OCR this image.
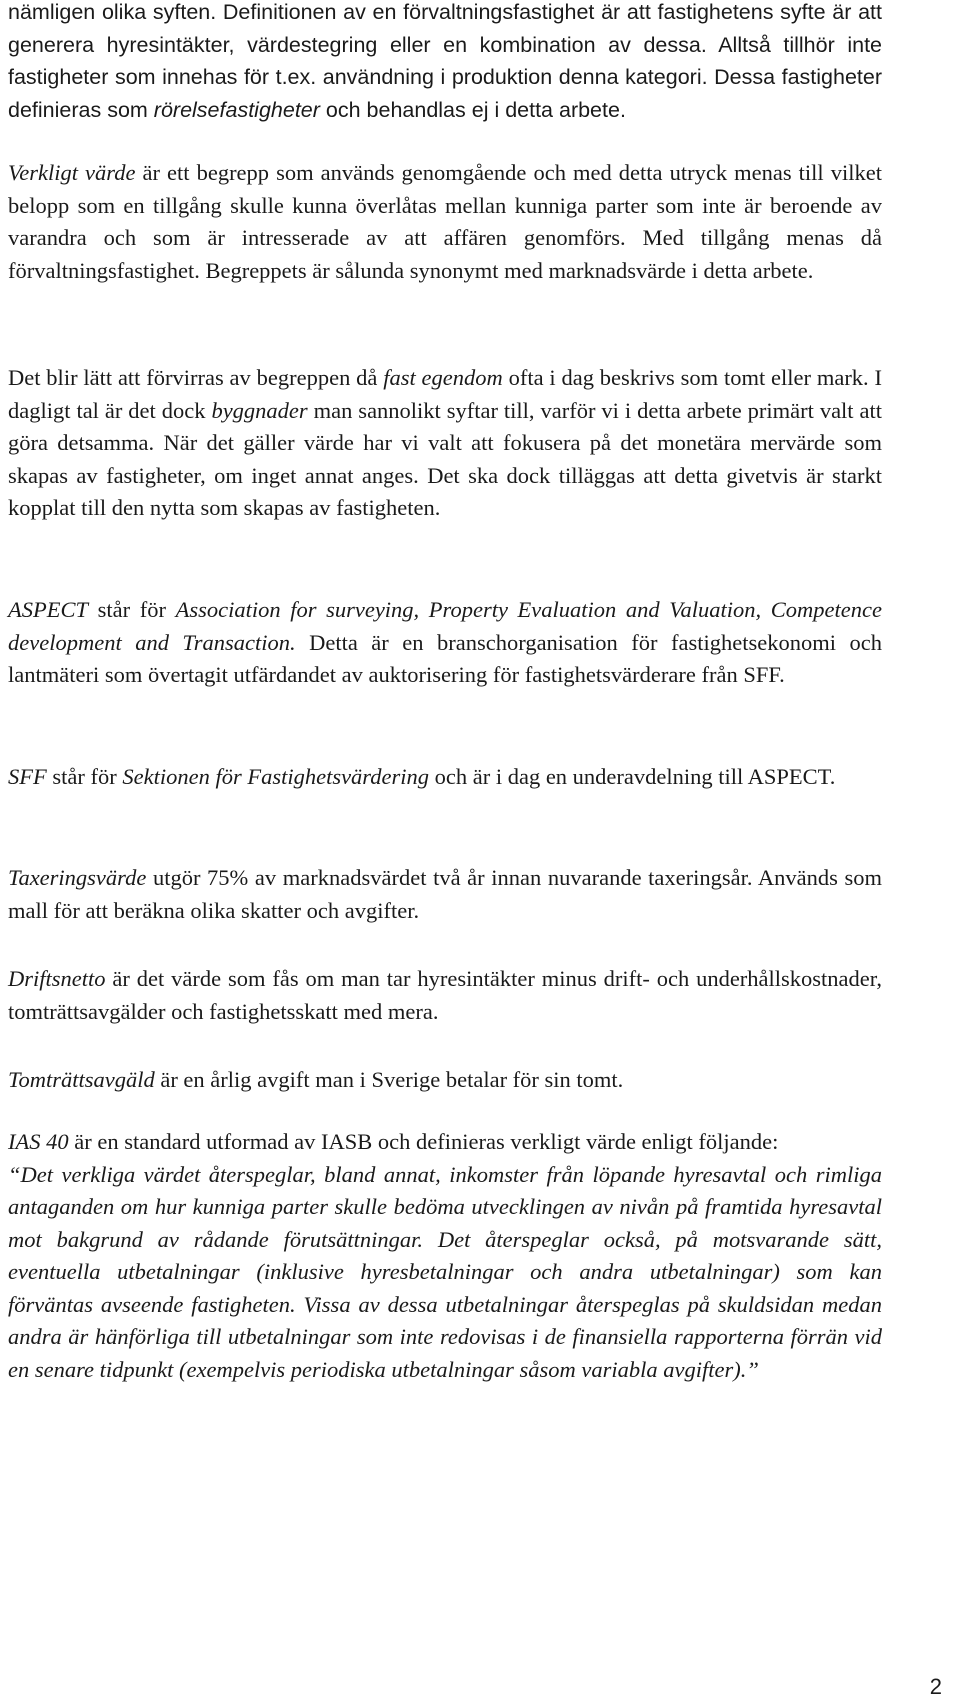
nämligen olika syften. Definitionen av en förvaltningsfastighet är att fastighetens syfte är att generera hyresintäkter, värdestegring eller en kombination av dessa. Alltså tillhör inte fastigheter som innehas för t.ex. användning i produktion denna kategori. Dessa fastigheter definieras som rörelsefastigheter och behandlas ej i detta arbete.

Verkligt värde är ett begrepp som används genomgående och med detta utryck menas till vilket belopp som en tillgång skulle kunna överlåtas mellan kunniga parter som inte är beroende av varandra och som är intresserade av att affären genomförs. Med tillgång menas då förvaltningsfastighet. Begreppets är sålunda synonymt med marknadsvärde i detta arbete.

Det blir lätt att förvirras av begreppen då fast egendom ofta i dag beskrivs som tomt eller mark. I dagligt tal är det dock byggnader man sannolikt syftar till, varför vi i detta arbete primärt valt att göra detsamma. När det gäller värde har vi valt att fokusera på det monetära mervärde som skapas av fastigheter, om inget annat anges. Det ska dock tilläggas att detta givetvis är starkt kopplat till den nytta som skapas av fastigheten.

ASPECT står för Association for surveying, Property Evaluation and Valuation, Competence development and Transaction. Detta är en branschorganisation för fastighetsekonomi och lantmäteri som övertagit utfärdandet av auktorisering för fastighetsvärderare från SFF.

SFF står för Sektionen för Fastighetsvärdering och är i dag en underavdelning till ASPECT.

Taxeringsvärde utgör 75% av marknadsvärdet två år innan nuvarande taxeringsår. Används som mall för att beräkna olika skatter och avgifter.

Driftsnetto är det värde som fås om man tar hyresintäkter minus drift- och underhållskostnader, tomträttsavgälder och fastighetsskatt med mera.

Tomträttsavgäld är en årlig avgift man i Sverige betalar för sin tomt.

IAS 40 är en standard utformad av IASB och definieras verkligt värde enligt följande:
“Det verkliga värdet återspeglar, bland annat, inkomster från löpande hyresavtal och rimliga antaganden om hur kunniga parter skulle bedöma utvecklingen av nivån på framtida hyresavtal mot bakgrund av rådande förutsättningar. Det återspeglar också, på motsvarande sätt, eventuella utbetalningar (inklusive hyresbetalningar och andra utbetalningar) som kan förväntas avseende fastigheten. Vissa av dessa utbetalningar återspeglas på skuldsidan medan andra är hänförliga till utbetalningar som inte redovisas i de finansiella rapporterna förrän vid en senare tidpunkt (exempelvis periodiska utbetalningar såsom variabla avgifter).”

2
